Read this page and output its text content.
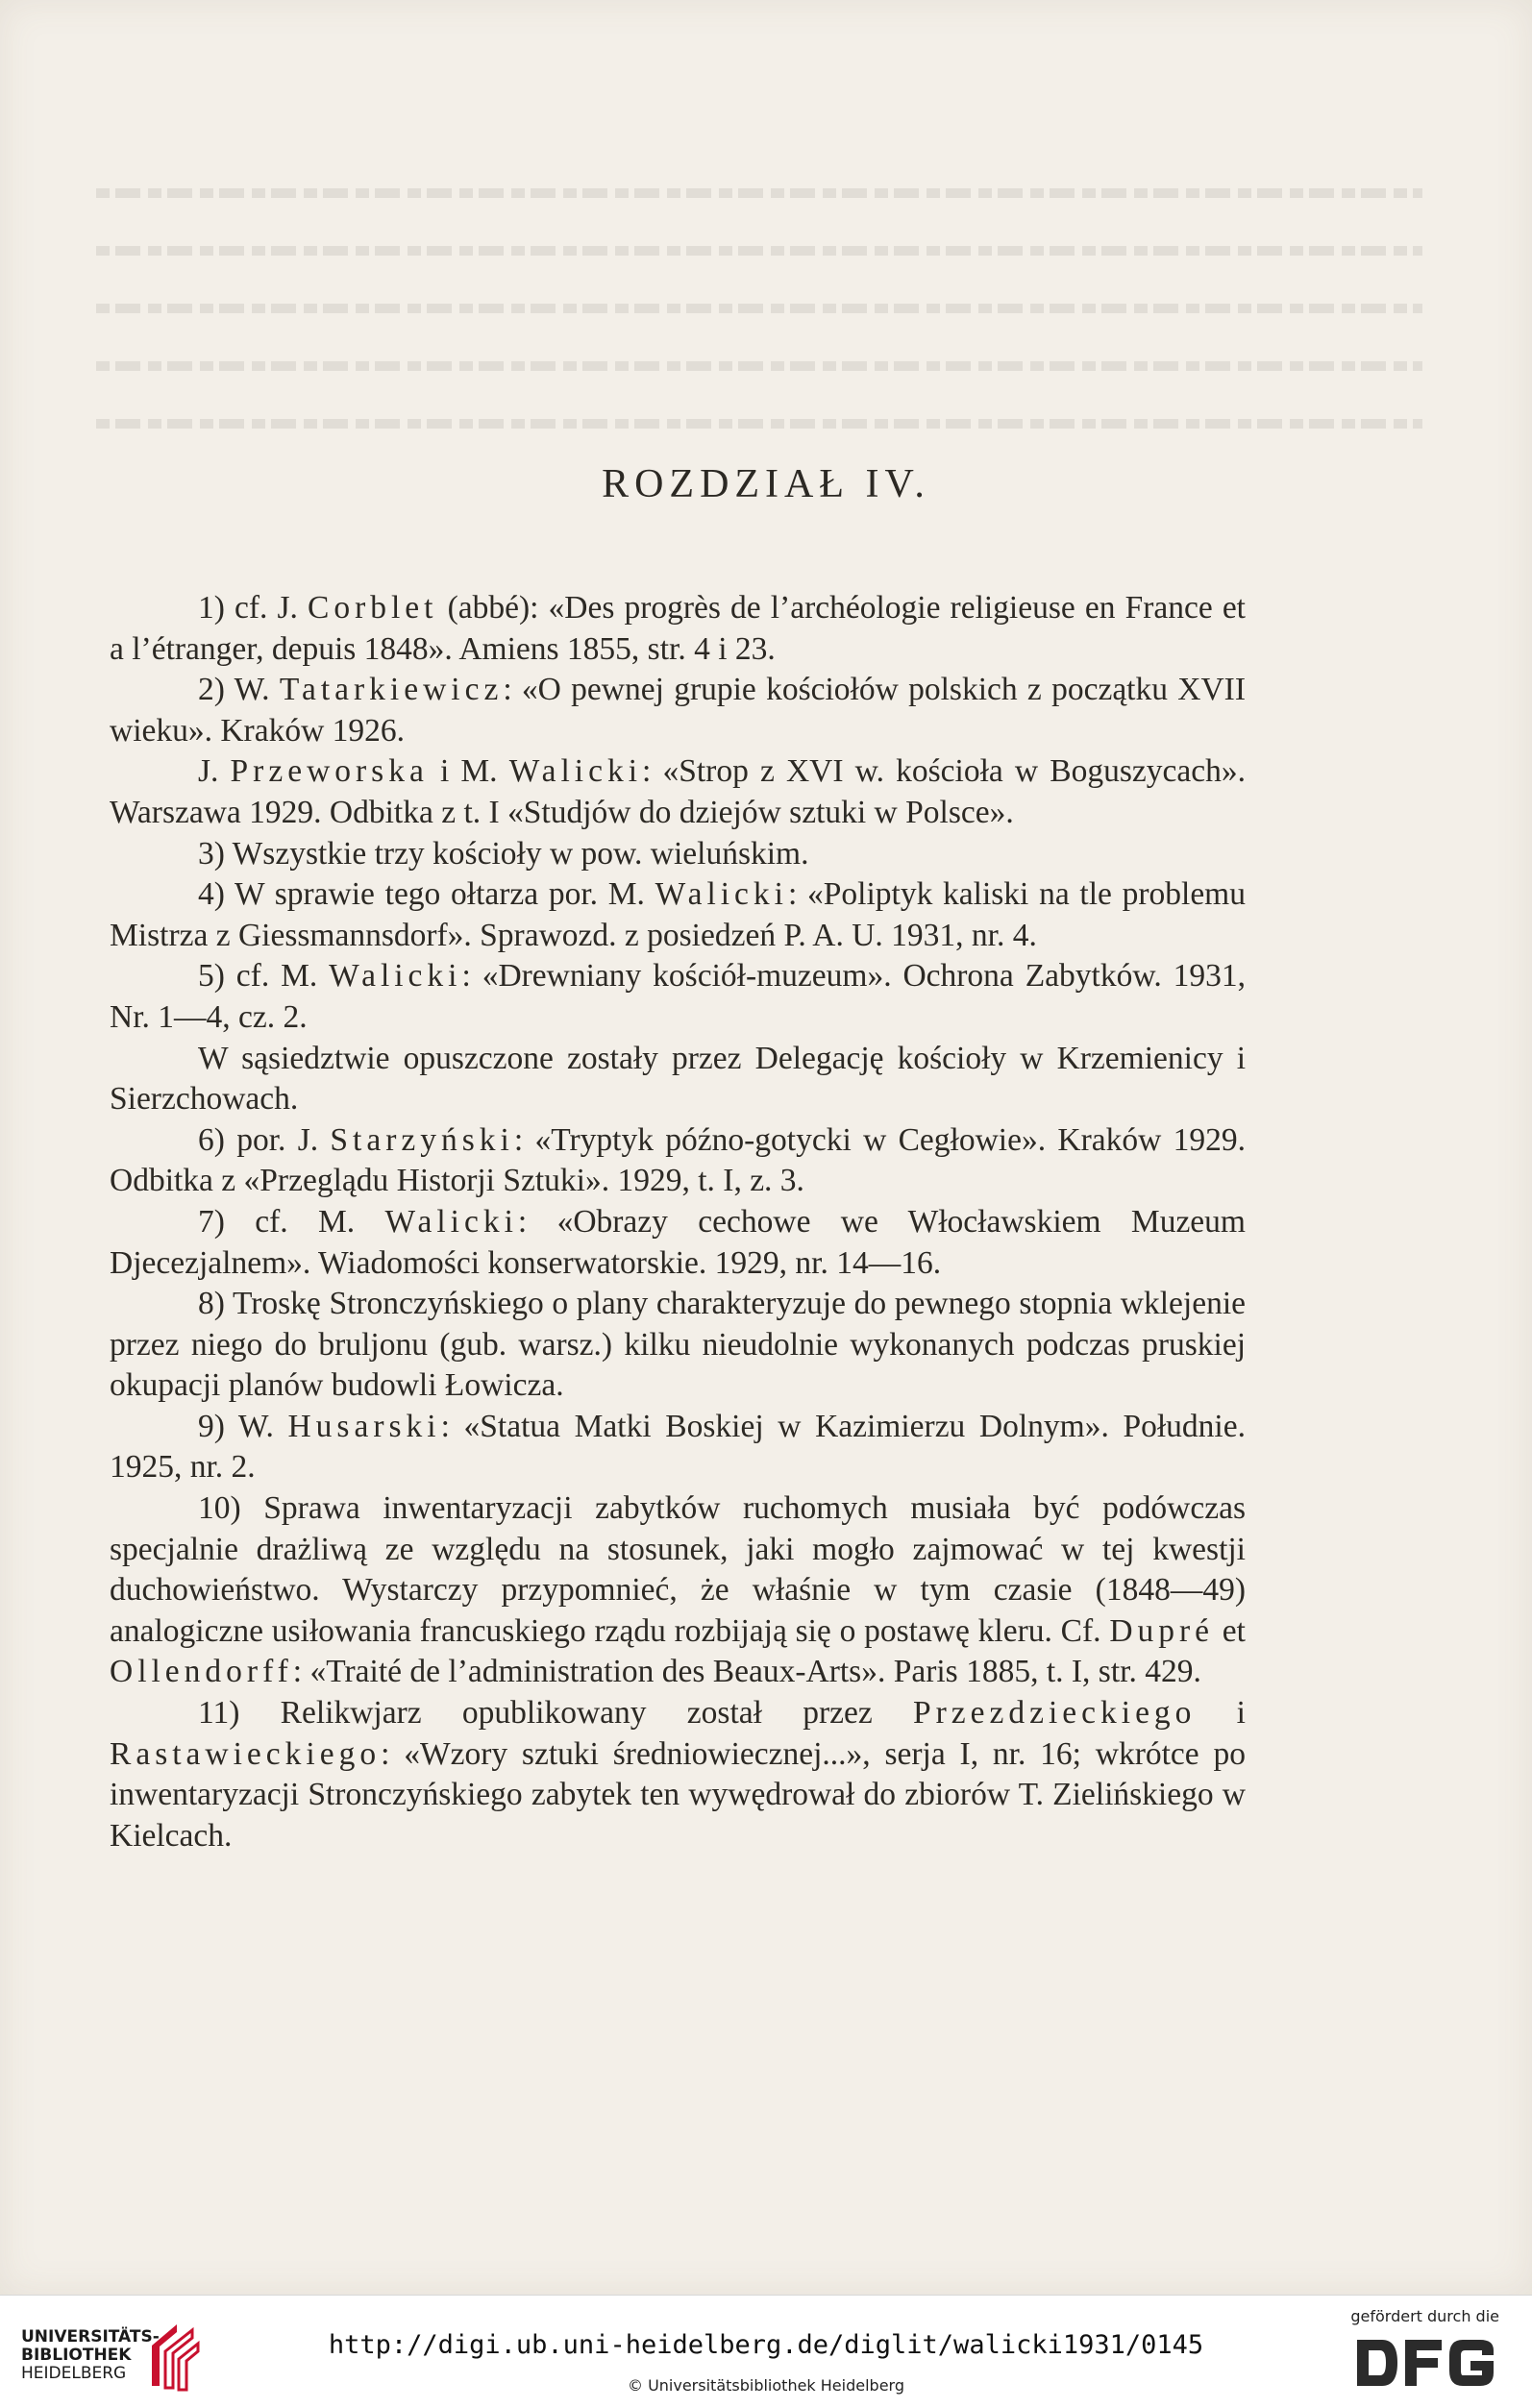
ROZDZIAŁ IV.

1) cf. J. Corblet (abbé): «Des progrès de l’archéologie religieuse en France et a l’étranger, depuis 1848». Amiens 1855, str. 4 i 23.

2) W. Tatarkiewicz: «O pewnej grupie kościołów polskich z początku XVII wieku». Kraków 1926.

J. Przeworska i M. Walicki: «Strop z XVI w. kościoła w Boguszycach». Warszawa 1929. Odbitka z t. I «Studjów do dziejów sztuki w Polsce».

3) Wszystkie trzy kościoły w pow. wieluńskim.

4) W sprawie tego ołtarza por. M. Walicki: «Poliptyk kaliski na tle problemu Mistrza z Giessmannsdorf». Sprawozd. z posiedzeń P. A. U. 1931, nr. 4.

5) cf. M. Walicki: «Drewniany kościół-muzeum». Ochrona Zabytków. 1931, Nr. 1—4, cz. 2.

W sąsiedztwie opuszczone zostały przez Delegację kościoły w Krzemienicy i Sierzchowach.

6) por. J. Starzyński: «Tryptyk późno-gotycki w Cegłowie». Kraków 1929. Odbitka z «Przeglądu Historji Sztuki». 1929, t. I, z. 3.

7) cf. M. Walicki: «Obrazy cechowe we Włocławskiem Muzeum Djecezjalnem». Wiadomości konserwatorskie. 1929, nr. 14—16.

8) Troskę Stronczyńskiego o plany charakteryzuje do pewnego stopnia wklejenie przez niego do bruljonu (gub. warsz.) kilku nieudolnie wykonanych podczas pruskiej okupacji planów budowli Łowicza.

9) W. Husarski: «Statua Matki Boskiej w Kazimierzu Dolnym». Południe. 1925, nr. 2.

10) Sprawa inwentaryzacji zabytków ruchomych musiała być podówczas specjalnie drażliwą ze względu na stosunek, jaki mogło zajmować w tej kwestji duchowieństwo. Wystarczy przypomnieć, że właśnie w tym czasie (1848—49) analogiczne usiłowania francuskiego rządu rozbijają się o postawę kleru. Cf. Dupré et Ollendorff: «Traité de l’administration des Beaux-Arts». Paris 1885, t. I, str. 429.

11) Relikwjarz opublikowany został przez Przezdzieckiego i Rastawieckiego: «Wzory sztuki średniowiecznej...», serja I, nr. 16; wkrótce po inwentaryzacji Stronczyńskiego zabytek ten wywędrował do zbiorów T. Zielińskiego w Kielcach.

UNIVERSITÄTS-
BIBLIOTHEK
HEIDELBERG
http://digi.ub.uni-heidelberg.de/diglit/walicki1931/0145
© Universitätsbibliothek Heidelberg
gefördert durch die
